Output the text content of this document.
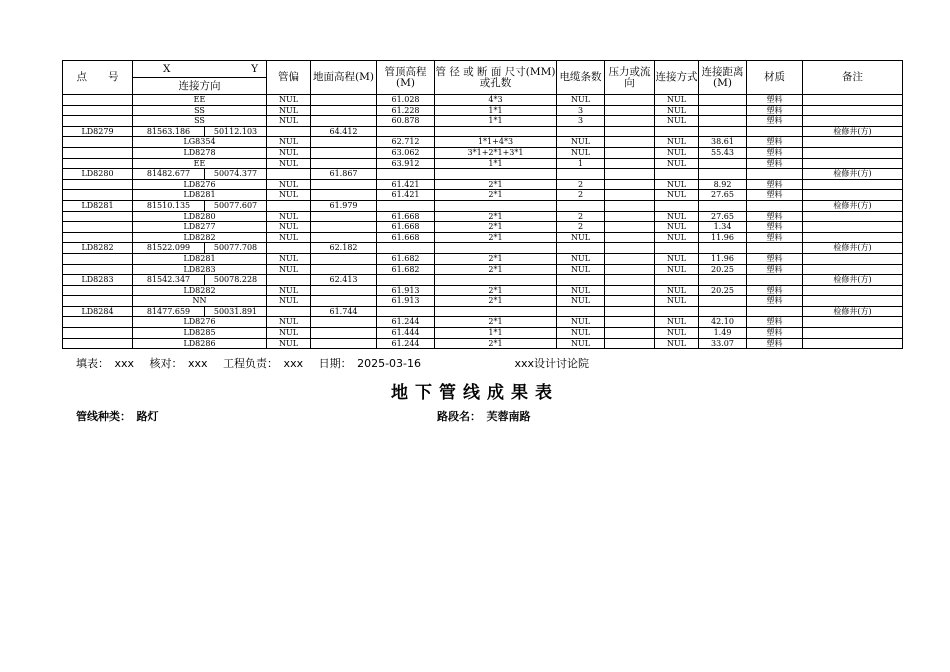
点　　号	X	Y	管偏	地面高程(M)	管顶高程(M)	管 径 或 断 面 尺寸(MM)或孔数	电缆条数	压力或流向	连接方式	连接距离(M)	材质	备注
	连接方向											
	EE		NUL		61.028	4*3	NUL		NUL		塑料	
	SS		NUL		61.228	1*1	3		NUL		塑料	
	SS		NUL		60.878	1*1	3		NUL		塑料	
LD8279	81563.186	50112.103		64.412								检修井(方)
	LG8354		NUL		62.712	1*1+4*3	NUL		NUL	38.61	塑料	
	LD8278		NUL		63.062	3*1+2*1+3*1	NUL		NUL	55.43	塑料	
	EE		NUL		63.912	1*1	1		NUL		塑料	
LD8280	81482.677	50074.377		61.867								检修井(方)
	LD8276		NUL		61.421	2*1	2		NUL	8.92	塑料	
	LD8281		NUL		61.421	2*1	2		NUL	27.65	塑料	
LD8281	81510.135	50077.607		61.979								检修井(方)
	LD8280		NUL		61.668	2*1	2		NUL	27.65	塑料	
	LD8277		NUL		61.668	2*1	2		NUL	1.34	塑料	
	LD8282		NUL		61.668	2*1	NUL		NUL	11.96	塑料	
LD8282	81522.099	50077.708		62.182								检修井(方)
	LD8281		NUL		61.682	2*1	NUL		NUL	11.96	塑料	
	LD8283		NUL		61.682	2*1	NUL		NUL	20.25	塑料	
LD8283	81542.347	50078.228		62.413								检修井(方)
	LD8282		NUL		61.913	2*1	NUL		NUL	20.25	塑料	
	NN		NUL		61.913	2*1	NUL		NUL		塑料	
LD8284	81477.659	50031.891		61.744								检修井(方)
	LD8276		NUL		61.244	2*1	NUL		NUL	42.10	塑料	
	LD8285		NUL		61.444	1*1	NUL		NUL	1.49	塑料	
	LD8286		NUL		61.244	2*1	NUL		NUL	33.07	塑料	
填表：　xxx 核对：　xxx 工程负责：　xxx 日期：　2025-03-16	xxx设计讨论院
地下管线成果表
管线种类：　路灯	路段名：　芙蓉南路
